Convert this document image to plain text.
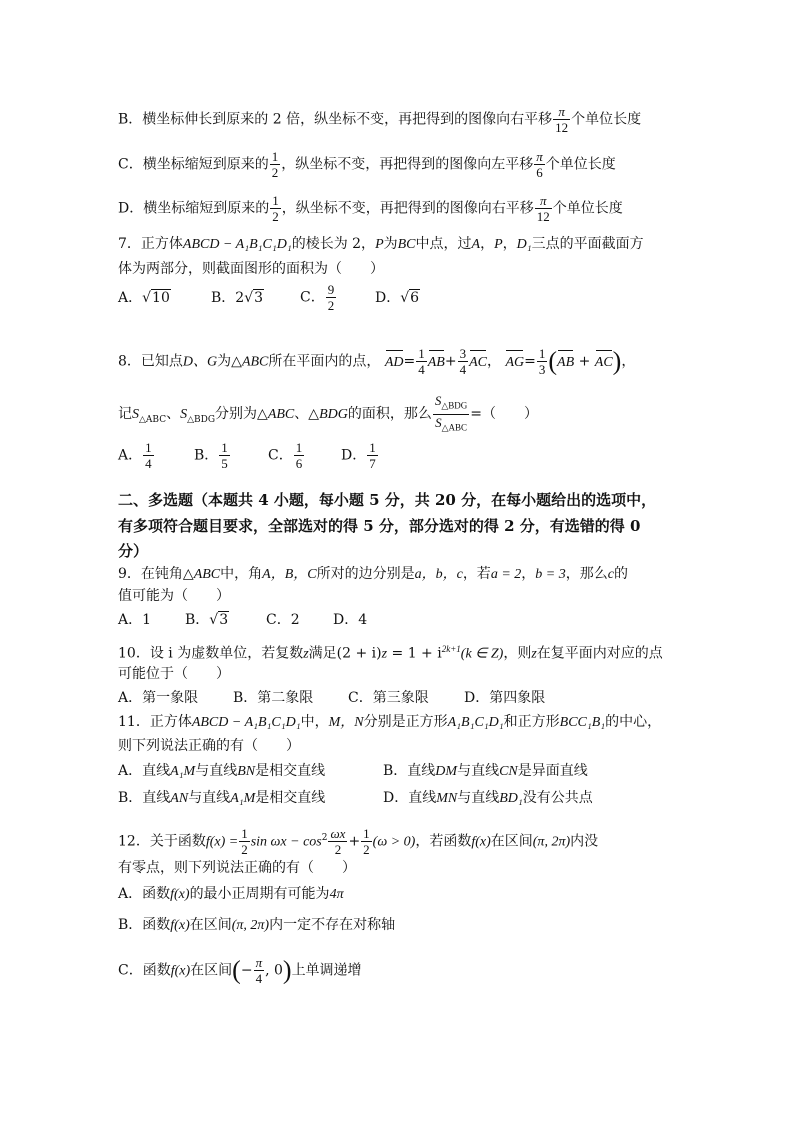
B．横坐标伸长到原来的 2 倍，纵坐标不变，再把得到的图像向右平移 $\frac{\pi}{12}$ 个单位长度
C．横坐标缩短到原来的 $\frac{1}{2}$ ，纵坐标不变，再把得到的图像向左平移 $\frac{\pi}{6}$ 个单位长度
D．横坐标缩短到原来的 $\frac{1}{2}$ ，纵坐标不变，再把得到的图像向右平移 $\frac{\pi}{12}$ 个单位长度
7．正方体ABCD − A₁B₁C₁D₁的棱长为 2，P为BC中点，过A，P，D₁三点的平面截面方
体为两部分，则截面图形的面积为（　　）
A．√10	B．2√3	C． $\frac{9}{2}$	D．√6
8．已知点D、G为△ABC所在平面内的点， $AD= \frac{1}{4} AB+ \frac{3}{4}$ AC， $AG= \frac{1}{3} (AB + AC)$，
记$S_{\triangle ABC}$、$S_{\triangle BDG}$分别为△ABC、△BDG的面积，那么 $\frac{S_{\triangle BDG}}{S_{\triangle ABC}}$ =（　　）
A． $\frac{1}{4}$	B． $\frac{1}{5}$	C． $\frac{1}{6}$	D． $\frac{1}{7}$
二、多选题（本题共 4 小题，每小题 5 分，共 20 分，在每小题给出的选项中，
有多项符合题目要求，全部选对的得 5 分，部分选对的得 2 分，有选错的得 0
分）
9．在钝角△ABC中，角A，B，C所对的边分别是a，b，c，若a = 2，b = 3，那么c的
值可能为（　　）
A．1 B．√3	C．2 D．4
10．设 i 为虚数单位，若复数z满足$(2 + i)z = 1 + i^{2k+1}(k$ ∈ Z)，则z在复平面内对应的点
可能位于（　　）
A．第一象限 B．第二象限 C．第三象限	D．第四象限
11．正方体ABCD − A₁B₁C₁D₁中，M，N分别是正方形A₁B₁C₁D₁和正方形BCC₁B₁的中心，
则下列说法正确的有（　　）
A．直线A₁M与直线BN是相交直线	B．直线DM与直线CN是异面直线
B．直线AN与直线A₁M是相交直线	D．直线MN与直线BD₁没有公共点
12．关于函数$f(x) = \frac{1}{2}$ $\sin \omega x - \cos^2 \frac{\omega x}{2} + \frac{1}{2} (\omega > 0)$，若函数f(x)在区间(π, 2π)内没
有零点，则下列说法正确的有（　　）
A．函数f(x)的最小正周期有可能为4π
B．函数f(x)在区间(π, 2π)内一定不存在对称轴
C．函数f(x)在区间(− $\frac{\pi}{4}$ , 0)上单调递增
